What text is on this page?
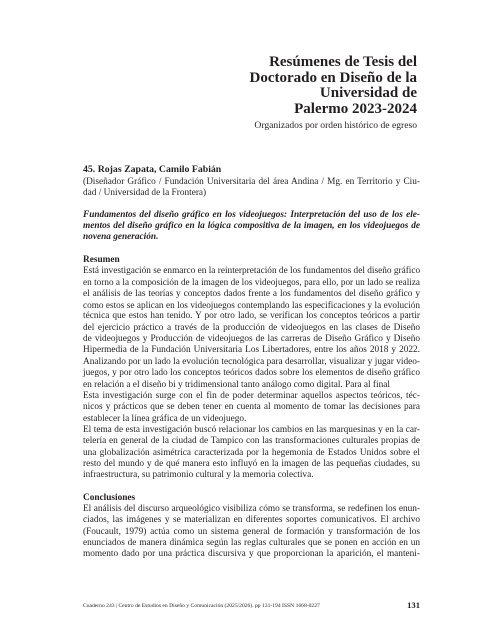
Resúmenes de Tesis del
Doctorado en Diseño de la
Universidad de
Palermo 2023-2024
Organizados por orden histórico de egreso
45. Rojas Zapata, Camilo Fabián
(Diseñador Gráfico / Fundación Universitaria del área Andina / Mg. en Territorio y Ciu-
dad / Universidad de la Frontera)
Fundamentos del diseño gráfico en los videojuegos: Interpretación del uso de los ele-
mentos del diseño gráfico en la lógica compositiva de la imagen, en los videojuegos de
novena generación.
Resumen
Está investigación se enmarco en la reinterpretación de los fundamentos del diseño gráfico
en torno a la composición de la imagen de los videojuegos, para ello, por un lado se realiza
el análisis de las teorías y conceptos dados frente a los fundamentos del diseño gráfico y
como estos se aplican en los videojuegos contemplando las especificaciones y la evolución
técnica que estos han tenido. Y por otro lado, se verifican los conceptos teóricos a partir
del ejercicio práctico a través de la producción de videojuegos en las clases de Diseño
de videojuegos y Producción de videojuegos de las carreras de Diseño Gráfico y Diseño
Hipermedia de la Fundación Universitaria Los Libertadores, entre los años 2018 y 2022.
Analizando por un lado la evolución tecnológica para desarrollar, visualizar y jugar video-
juegos, y por otro lado los conceptos teóricos dados sobre los elementos de diseño gráfico
en relación a el diseño bi y tridimensional tanto análogo como digital. Para al final
Esta investigación surge con el fin de poder determinar aquellos aspectos teóricos, téc-
nicos y prácticos que se deben tener en cuenta al momento de tomar las decisiones para
establecer la línea gráfica de un videojuego.
El tema de esta investigación buscó relacionar los cambios en las marquesinas y en la car-
telería en general de la ciudad de Tampico con las transformaciones culturales propias de
una globalización asimétrica caracterizada por la hegemonia de Estados Unidos sobre el
resto del mundo y de qué manera esto influyó en la imagen de las pequeñas ciudades, su
infraestructura, su patrimonio cultural y la memoria colectiva.
Conclusiones
El análisis del discurso arqueológico visibiliza cómo se transforma, se redefinen los enun-
ciados, las imágenes y se materializan en diferentes soportes comunicativos. El archivo
(Foucault, 1979) actúa como un sistema general de formación y transformación de los
enunciados de manera dinámica según las reglas culturales que se ponen en acción en un
momento dado por una práctica discursiva y que proporcionan la aparición, el manteni-
Cuaderno 243 | Centro de Estudios en Diseño y Comunicación (2025/2026). pp 131-194 ISSN 1668-0227	131
